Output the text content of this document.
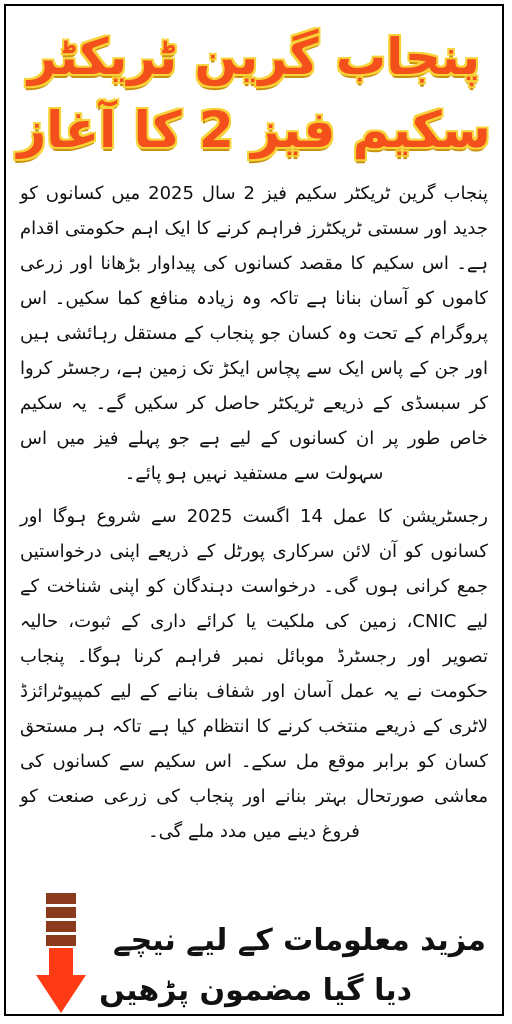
پنجاب گرین ٹریکٹر
سکیم فیز 2 کا آغاز

پنجاب گرین ٹریکٹر سکیم فیز 2 سال 2025 میں کسانوں کو جدید اور سستی ٹریکٹرز فراہم کرنے کا ایک اہم حکومتی اقدام ہے۔ اس سکیم کا مقصد کسانوں کی پیداوار بڑھانا اور زرعی کاموں کو آسان بنانا ہے تاکہ وہ زیادہ منافع کما سکیں۔ اس پروگرام کے تحت وہ کسان جو پنجاب کے مستقل رہائشی ہیں اور جن کے پاس ایک سے پچاس ایکڑ تک زمین ہے، رجسٹر کروا کر سبسڈی کے ذریعے ٹریکٹر حاصل کر سکیں گے۔ یہ سکیم خاص طور پر ان کسانوں کے لیے ہے جو پہلے فیز میں اس سہولت سے مستفید نہیں ہو پائے۔

رجسٹریشن کا عمل 14 اگست 2025 سے شروع ہوگا اور کسانوں کو آن لائن سرکاری پورٹل کے ذریعے اپنی درخواستیں جمع کرانی ہوں گی۔ درخواست دہندگان کو اپنی شناخت کے لیے CNIC، زمین کی ملکیت یا کرائے داری کے ثبوت، حالیہ تصویر اور رجسٹرڈ موبائل نمبر فراہم کرنا ہوگا۔ پنجاب حکومت نے یہ عمل آسان اور شفاف بنانے کے لیے کمپیوٹرائزڈ لاٹری کے ذریعے منتخب کرنے کا انتظام کیا ہے تاکہ ہر مستحق کسان کو برابر موقع مل سکے۔ اس سکیم سے کسانوں کی معاشی صورتحال بہتر بنانے اور پنجاب کی زرعی صنعت کو فروغ دینے میں مدد ملے گی۔

مزید معلومات کے لیے نیچے
دیا گیا مضمون پڑھیں
